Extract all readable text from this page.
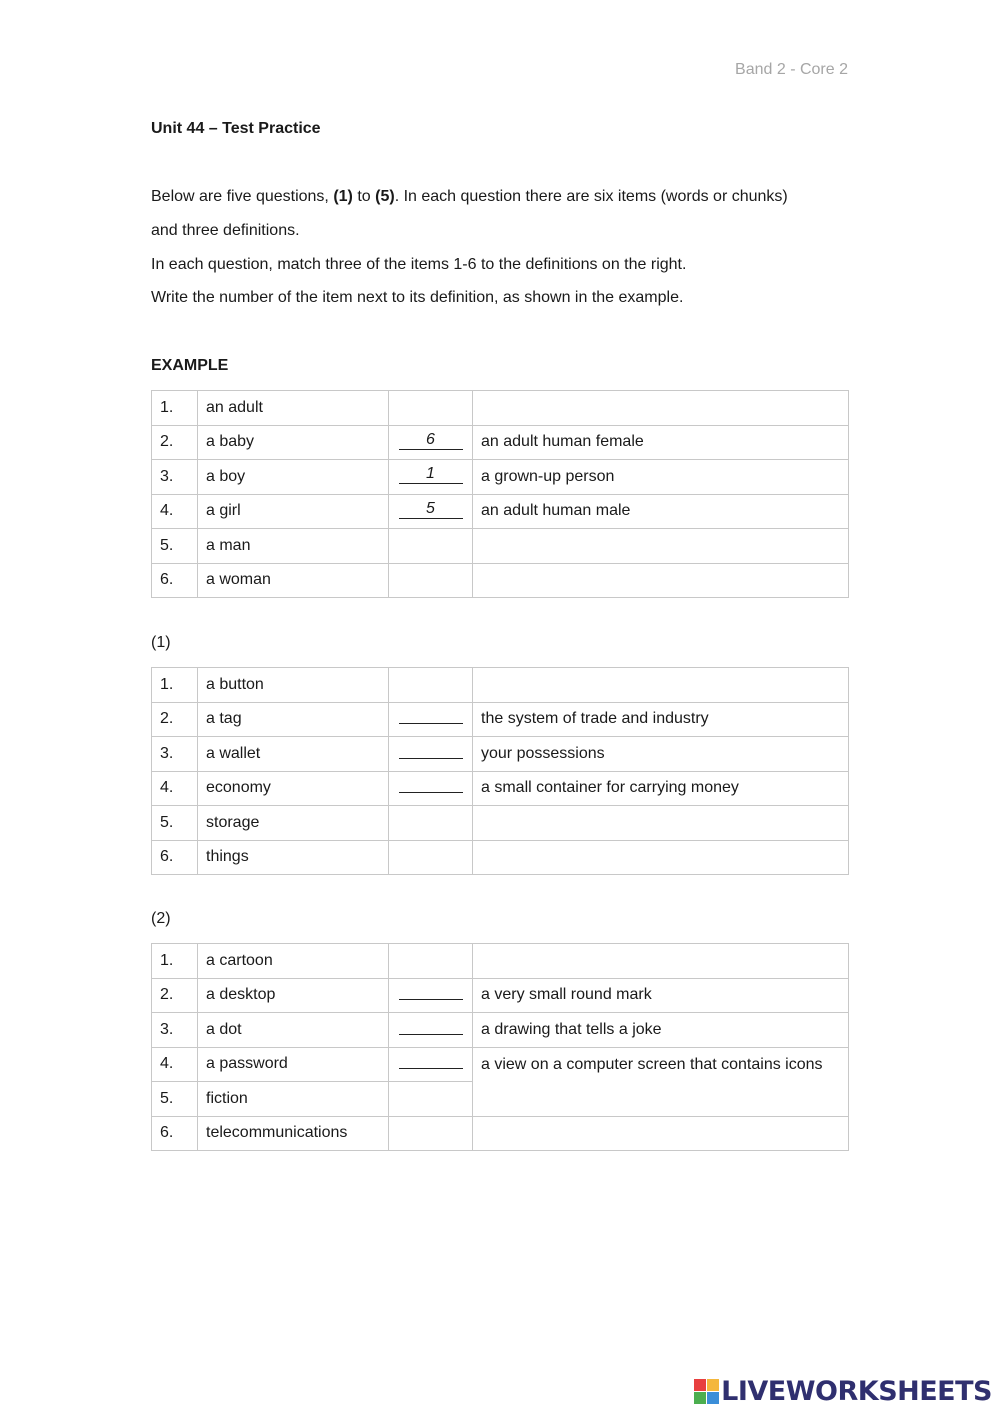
Band 2 - Core 2
Unit 44 – Test Practice
Below are five questions, (1) to (5). In each question there are six items (words or chunks)
and three definitions.
In each question, match three of the items 1-6 to the definitions on the right.
Write the number of the item next to its definition, as shown in the example.
EXAMPLE
1.	an adult		
2.	a baby	6	an adult human female
3.	a boy	1	a grown-up person
4.	a girl	5	an adult human male
5.	a man		
6.	a woman		
(1)
1.	a button		
2.	a tag		the system of trade and industry
3.	a wallet		your possessions
4.	economy		a small container for carrying money
5.	storage		
6.	things		
(2)
1.	a cartoon		
2.	a desktop		a very small round mark
3.	a dot		a drawing that tells a joke
4.	a password		a view on a computer screen that contains icons
5.	fiction		
6.	telecommunications		
LIVEWORKSHEETS
